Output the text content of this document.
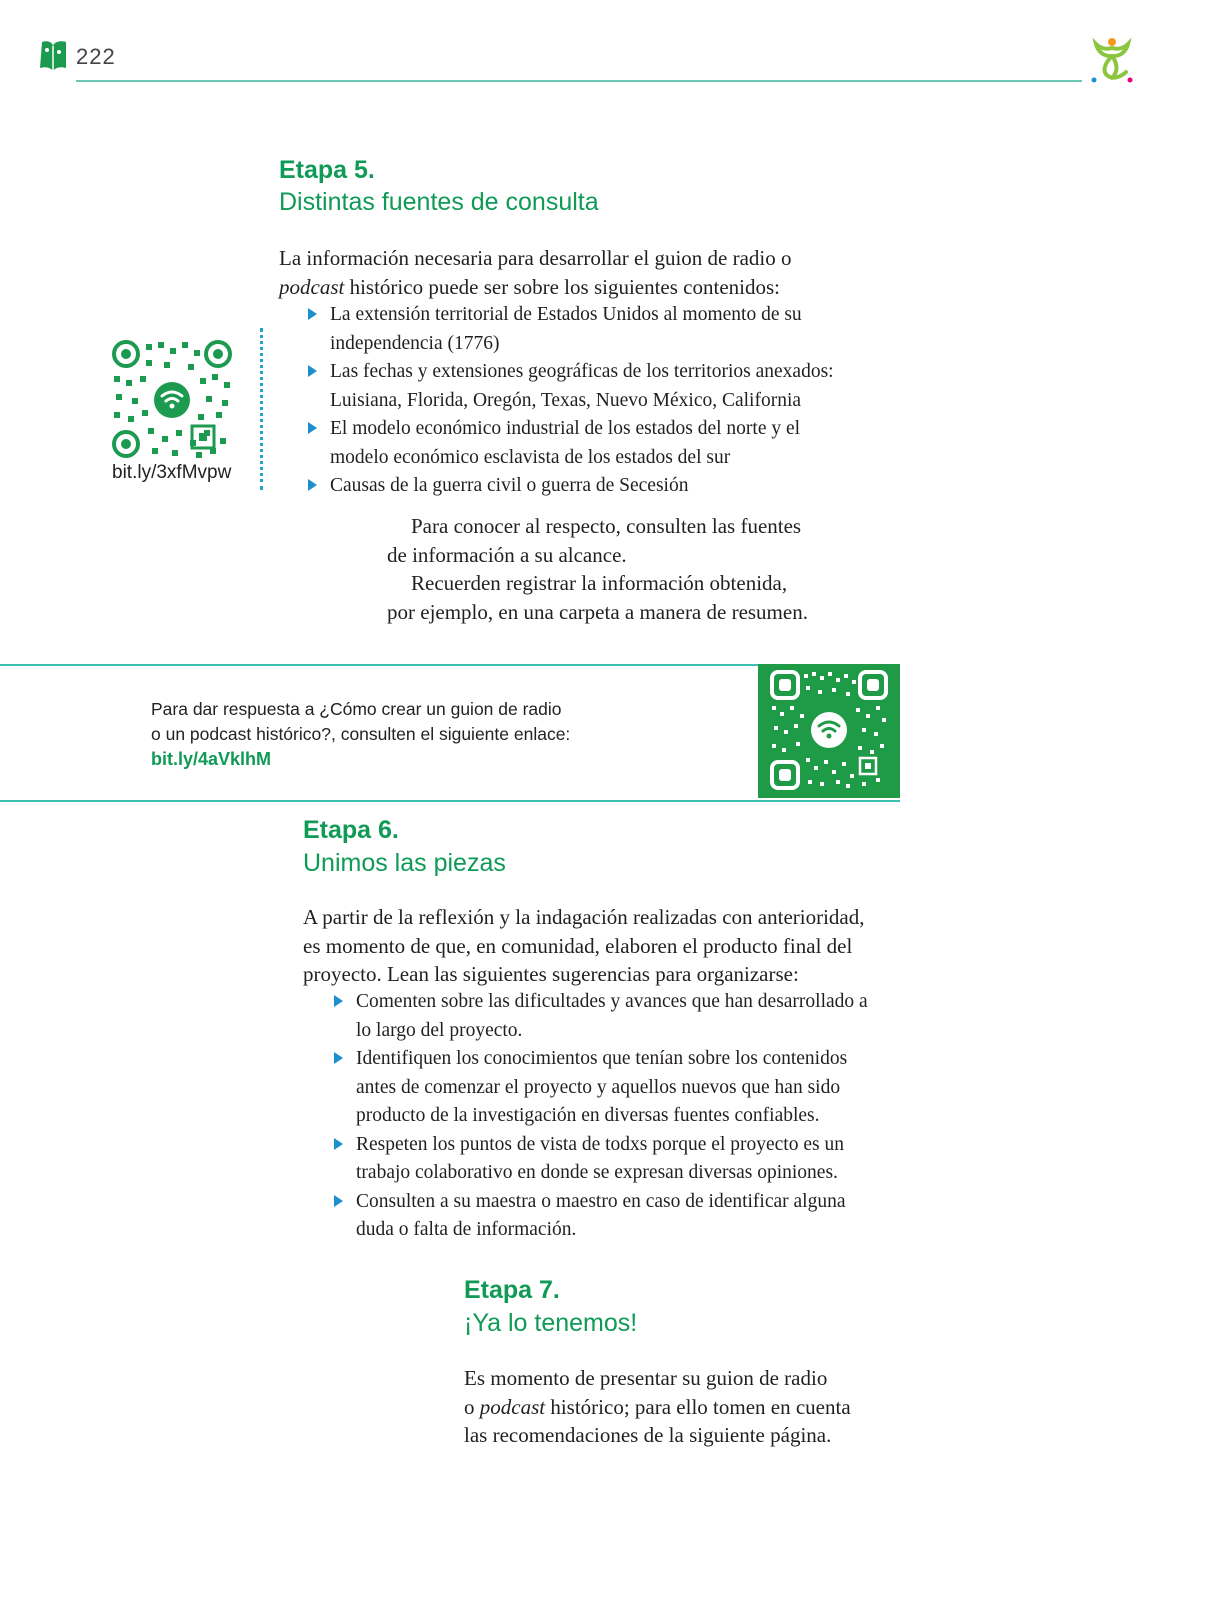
222
Etapa 5.
Distintas fuentes de consulta

La información necesaria para desarrollar el guion de radio o
podcast histórico puede ser sobre los siguientes contenidos:

La extensión territorial de Estados Unidos al momento de su
independencia (1776)
Las fechas y extensiones geográficas de los territorios anexados:
Luisiana, Florida, Oregón, Texas, Nuevo México, California
El modelo económico industrial de los estados del norte y el
modelo económico esclavista de los estados del sur
Causas de la guerra civil o guerra de Secesión

Para conocer al respecto, consulten las fuentes
de información a su alcance.

Recuerden registrar la información obtenida,
por ejemplo, en una carpeta a manera de resumen.

bit.ly/3xfMvpw
Para dar respuesta a ¿Cómo crear un guion de radio
o un podcast histórico?, consulten el siguiente enlace:
bit.ly/4aVklhM
Etapa 6.
Unimos las piezas

A partir de la reflexión y la indagación realizadas con anterioridad,
es momento de que, en comunidad, elaboren el producto final del
proyecto. Lean las siguientes sugerencias para organizarse:

Comenten sobre las dificultades y avances que han desarrollado a
lo largo del proyecto.
Identifiquen los conocimientos que tenían sobre los contenidos
antes de comenzar el proyecto y aquellos nuevos que han sido
producto de la investigación en diversas fuentes confiables.
Respeten los puntos de vista de todxs porque el proyecto es un
trabajo colaborativo en donde se expresan diversas opiniones.
Consulten a su maestra o maestro en caso de identificar alguna
duda o falta de información.
Etapa 7.
¡Ya lo tenemos!

Es momento de presentar su guion de radio
o podcast histórico; para ello tomen en cuenta
las recomendaciones de la siguiente página.
